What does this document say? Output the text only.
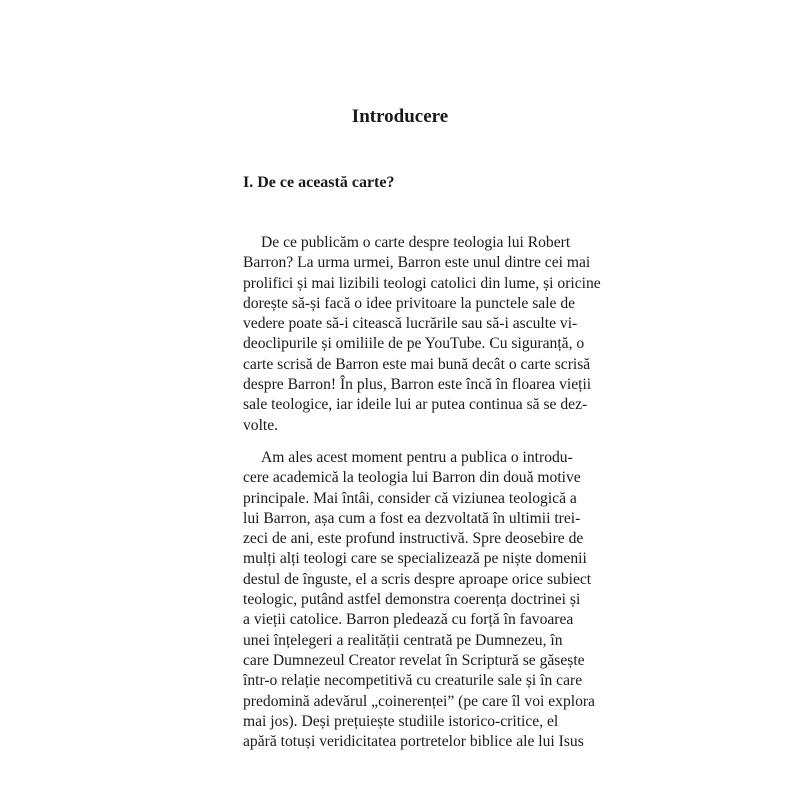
Introducere
I. De ce această carte?

De ce publicăm o carte despre teologia lui Robert
Barron? La urma urmei, Barron este unul dintre cei mai
prolifici și mai lizibili teologi catolici din lume, și oricine
dorește să-și facă o idee privitoare la punctele sale de
vedere poate să-i citească lucrările sau să-i asculte vi-
deoclipurile și omiliile de pe YouTube. Cu siguranță, o
carte scrisă de Barron este mai bună decât o carte scrisă
despre Barron! În plus, Barron este încă în floarea vieții
sale teologice, iar ideile lui ar putea continua să se dez-
volte.

Am ales acest moment pentru a publica o introdu-
cere academică la teologia lui Barron din două motive
principale. Mai întâi, consider că viziunea teologică a
lui Barron, așa cum a fost ea dezvoltată în ultimii trei-
zeci de ani, este profund instructivă. Spre deosebire de
mulți alți teologi care se specializează pe niște domenii
destul de înguste, el a scris despre aproape orice subiect
teologic, putând astfel demonstra coerența doctrinei și
a vieții catolice. Barron pledează cu forță în favoarea
unei înțelegeri a realității centrată pe Dumnezeu, în
care Dumnezeul Creator revelat în Scriptură se găsește
într-o relație necompetitivă cu creaturile sale și în care
predomină adevărul „coinerenței” (pe care îl voi explora
mai jos). Deși prețuiește studiile istorico-critice, el
apără totuși veridicitatea portretelor biblice ale lui Isus
